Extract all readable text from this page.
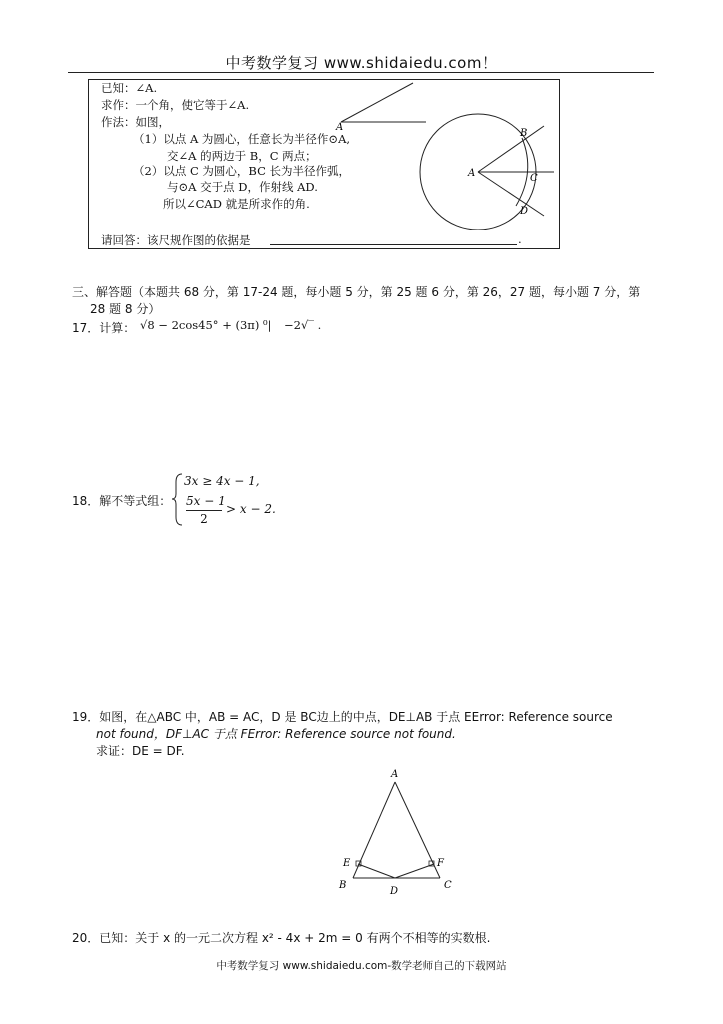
中考数学复习 www.shidaiedu.com！
已知：∠A.
求作：一个角，使它等于∠A.
作法：如图，
（1）以点 A 为圆心，任意长为半径作⊙A,
交∠A 的两边于 B，C 两点；
（2）以点 C 为圆心，BC 长为半径作弧，
与⊙A 交于点 D，作射线 AD.
所以∠CAD 就是所求作的角.
请回答：该尺规作图的依据是	.
A
A
B
C
D
三、解答题（本题共 68 分，第 17-24 题，每小题 5 分，第 25 题 6 分，第 26，27 题，每小题 7 分，第
28 题 8 分）
17．计算： √8 − 2cos45° + (3π) ⁰| −2√‾ .
18．解不等式组：
3x ≥ 4x − 1,
5x − 1
2
> x − 2.
19．如图，在△ABC 中，AB = AC，D 是 BC边上的中点，DE⊥AB 于点 EError: Reference source
not found，DF⊥AC 于点 FError: Reference source not found.
求证：DE = DF.
A
B	C
D
E	F
20．已知：关于 x 的一元二次方程 x² - 4x + 2m = 0 有两个不相等的实数根.
中考数学复习 www.shidaiedu.com-数学老师自己的下载网站
